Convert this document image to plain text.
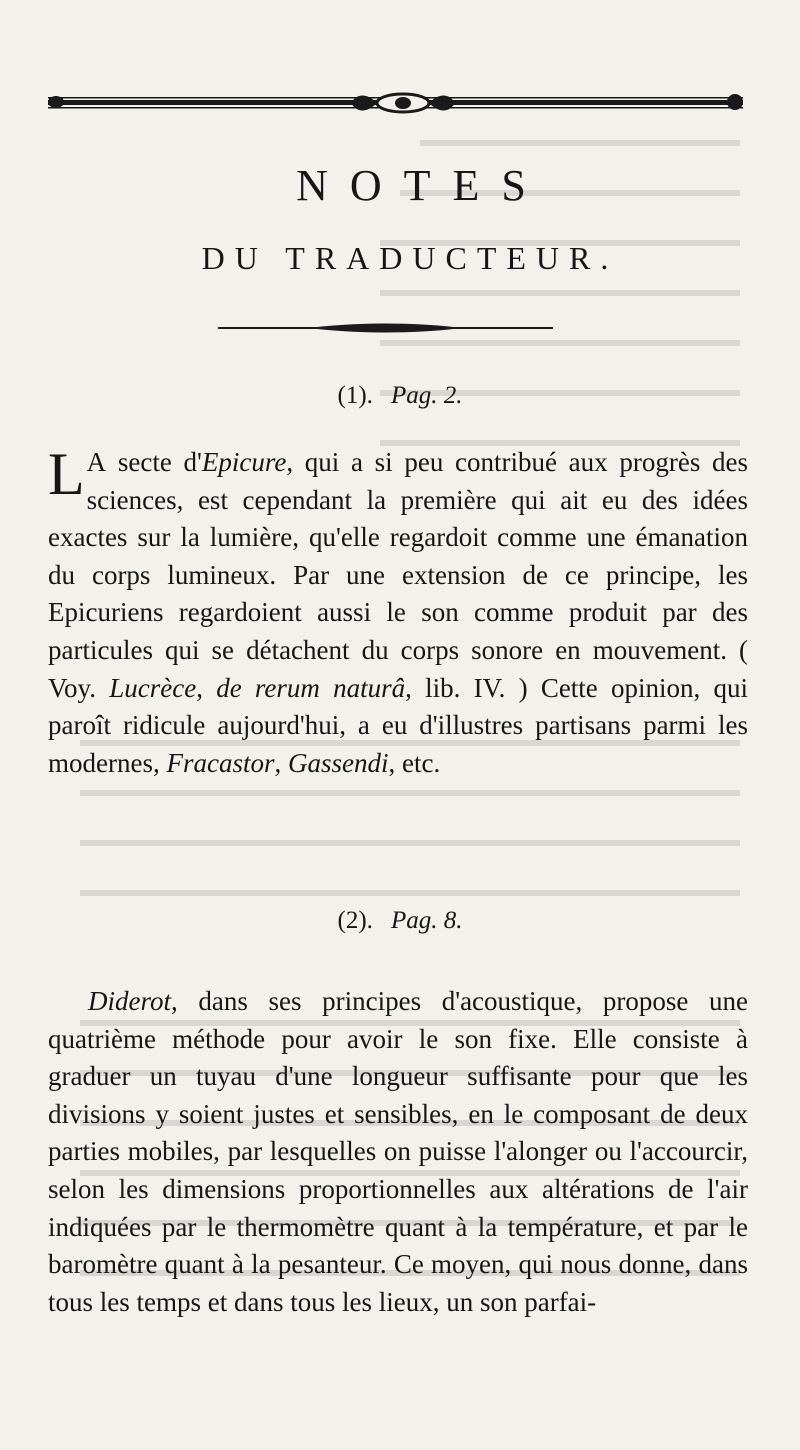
NOTES
DU TRADUCTEUR.

(1). Pag. 2.

L A secte d'Epicure, qui a si peu contribué aux progrès des sciences, est cependant la première qui ait eu des idées exactes sur la lumière, qu'elle regardoit comme une émanation du corps lumineux. Par une extension de ce principe, les Epicuriens regardoient aussi le son comme produit par des particules qui se détachent du corps sonore en mouvement. ( Voy. Lucrèce, de rerum naturâ, lib. IV. ) Cette opinion, qui paroît ridicule aujourd'hui, a eu d'illustres partisans parmi les modernes, Fracastor, Gassendi, etc.

(2). Pag. 8.

Diderot, dans ses principes d'acoustique, propose une quatrième méthode pour avoir le son fixe. Elle consiste à graduer un tuyau d'une longueur suffisante pour que les divisions y soient justes et sensibles, en le composant de deux parties mobiles, par lesquelles on puisse l'alonger ou l'accourcir, selon les dimensions proportionnelles aux altérations de l'air indiquées par le thermomètre quant à la température, et par le baromètre quant à la pesanteur. Ce moyen, qui nous donne, dans tous les temps et dans tous les lieux, un son parfai-
